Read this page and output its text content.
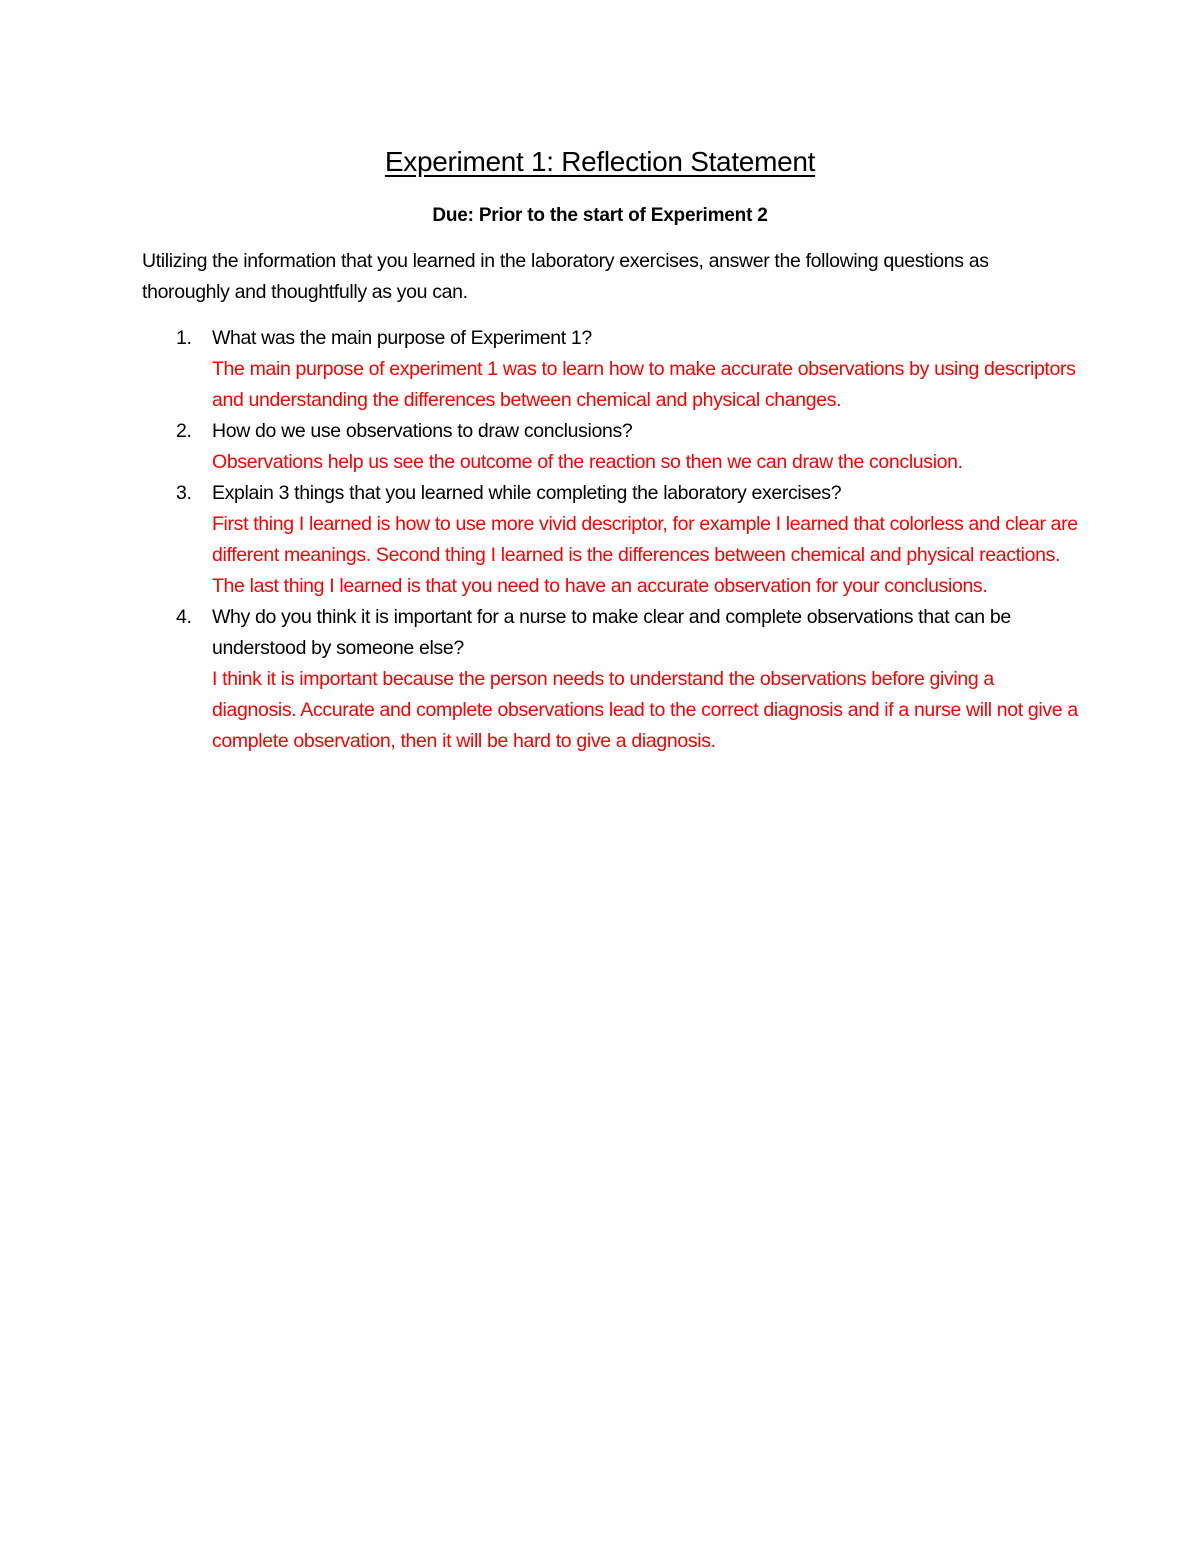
Experiment 1: Reflection Statement
Due: Prior to the start of Experiment 2
Utilizing the information that you learned in the laboratory exercises, answer the following questions as thoroughly and thoughtfully as you can.
1. What was the main purpose of Experiment 1?
The main purpose of experiment 1 was to learn how to make accurate observations by using descriptors and understanding the differences between chemical and physical changes.
2. How do we use observations to draw conclusions?
Observations help us see the outcome of the reaction so then we can draw the conclusion.
3. Explain 3 things that you learned while completing the laboratory exercises?
First thing I learned is how to use more vivid descriptor, for example I learned that colorless and clear are different meanings. Second thing I learned is the differences between chemical and physical reactions. The last thing I learned is that you need to have an accurate observation for your conclusions.
4. Why do you think it is important for a nurse to make clear and complete observations that can be understood by someone else?
I think it is important because the person needs to understand the observations before giving a diagnosis. Accurate and complete observations lead to the correct diagnosis and if a nurse will not give a complete observation, then it will be hard to give a diagnosis.
